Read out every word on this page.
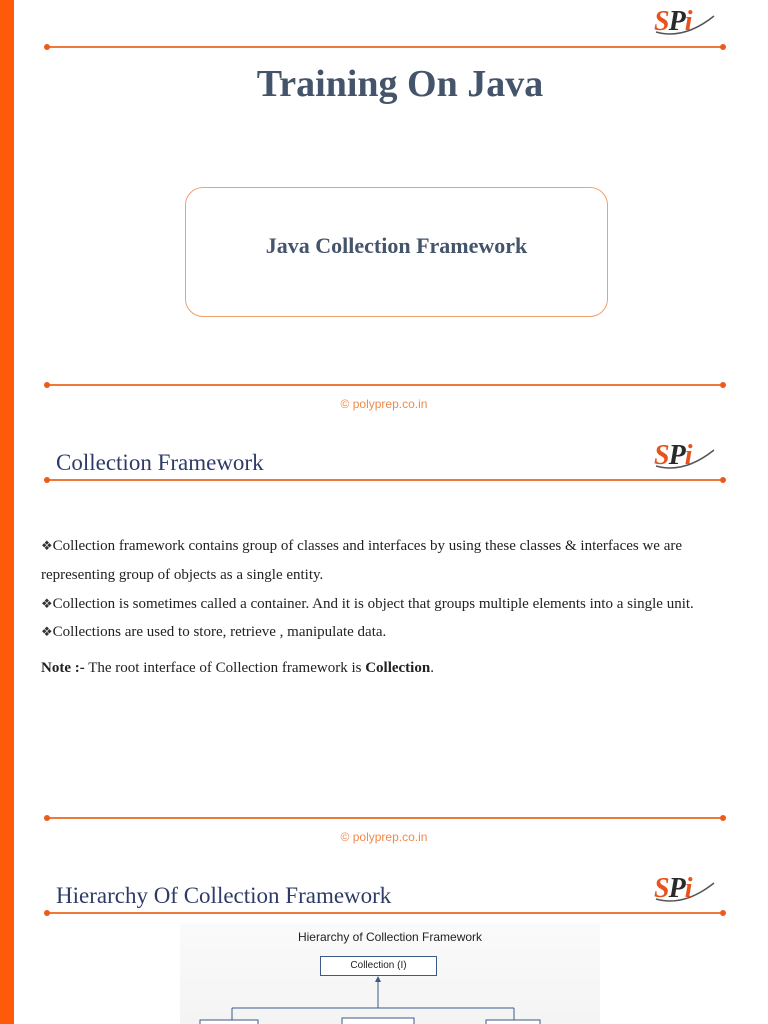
SPi
Training On Java
Java Collection Framework
© polyprep.co.in
Collection Framework	SPi
❖Collection framework contains group of classes and interfaces by using these classes & interfaces we are
representing group of objects as a single entity.
❖Collection is sometimes called a container. And it is object that groups multiple elements into a single unit.
❖Collections are used to store, retrieve , manipulate data.
Note :- The root interface of Collection framework is Collection.
© polyprep.co.in
Hierarchy Of Collection Framework	SPi
Hierarchy of Collection Framework
Collection (I)
